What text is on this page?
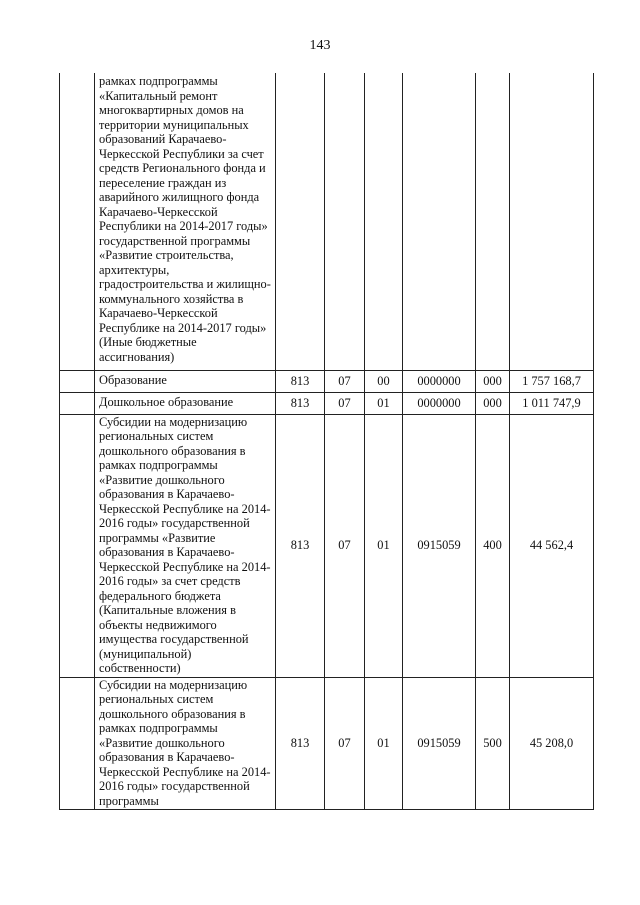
143
	рамках подпрограммы «Капитальный ремонт многоквартирных домов на территории муниципальных образований Карачаево-Черкесской Республики за счет средств Регионального фонда и переселение граждан из аварийного жилищного фонда Карачаево-Черкесской Республики на 2014-2017 годы» государственной программы «Развитие строительства, архитектуры, градостроительства и жилищно-коммунального хозяйства в Карачаево-Черкесской Республике на 2014-2017 годы» (Иные бюджетные ассигнования)						
	Образование	813	07	00	0000000	000	1 757 168,7
	Дошкольное образование	813	07	01	0000000	000	1 011 747,9
	Субсидии на модернизацию региональных систем дошкольного образования в рамках подпрограммы «Развитие дошкольного образования в Карачаево-Черкесской Республике на 2014-2016 годы» государственной программы «Развитие образования в Карачаево-Черкесской Республике на 2014-2016 годы» за счет средств федерального бюджета (Капитальные вложения в объекты недвижимого имущества государственной (муниципальной) собственности)	813	07	01	0915059	400	44 562,4
	Субсидии на модернизацию региональных систем дошкольного образования в рамках подпрограммы «Развитие дошкольного образования в Карачаево-Черкесской Республике на 2014-2016 годы» государственной программы	813	07	01	0915059	500	45 208,0
